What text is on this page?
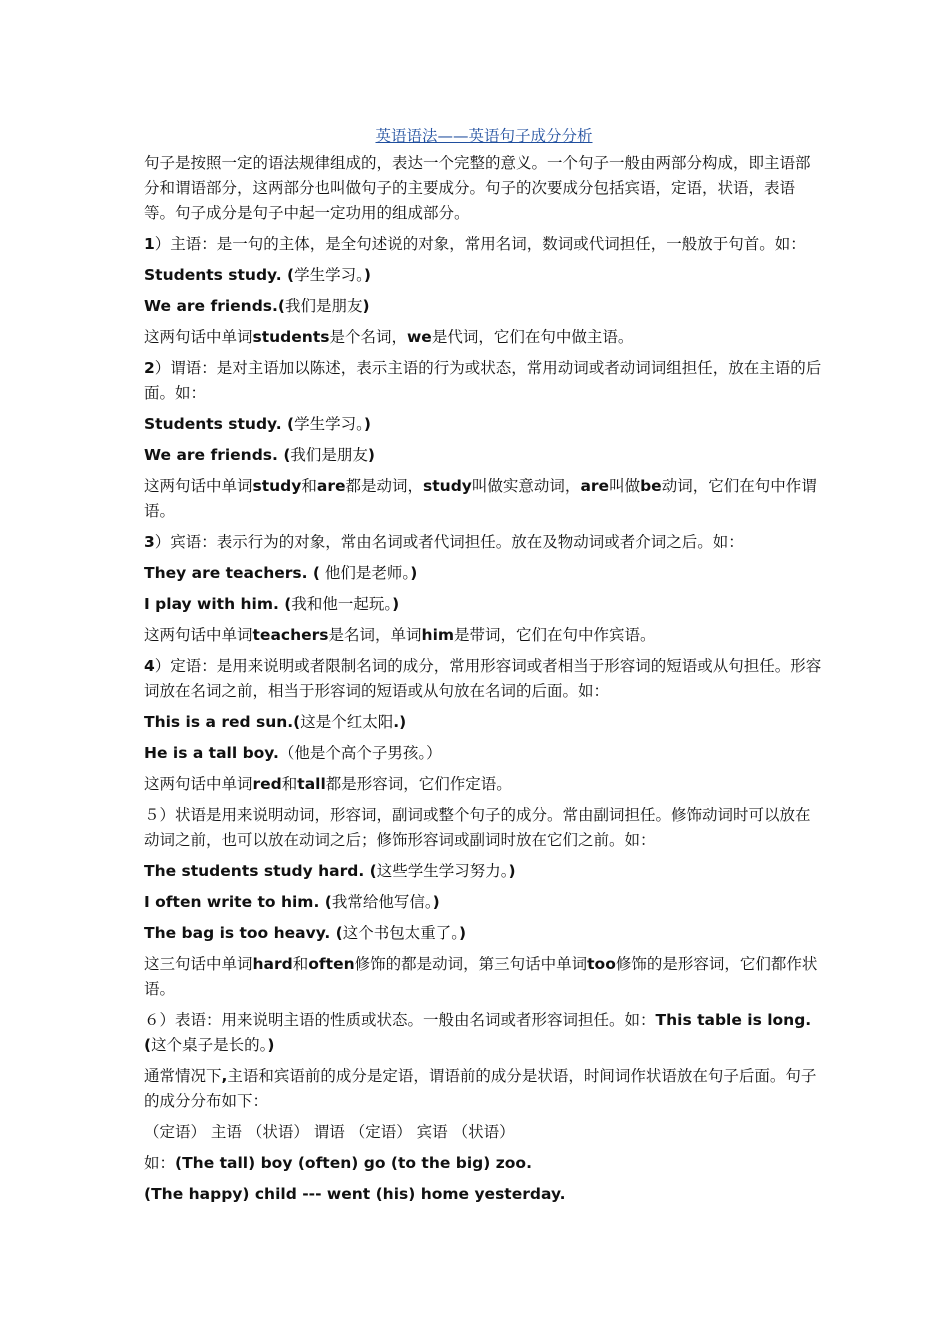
英语语法——英语句子成分分析

句子是按照一定的语法规律组成的，表达一个完整的意义。一个句子一般由两部分构成，即主语部分和谓语部分，这两部分也叫做句子的主要成分。句子的次要成分包括宾语，定语，状语，表语等。句子成分是句子中起一定功用的组成部分。

1）主语：是一句的主体，是全句述说的对象，常用名词，数词或代词担任，一般放于句首。如：

Students study. (学生学习。)

We are friends.(我们是朋友)

这两句话中单词students是个名词，we是代词，它们在句中做主语。

2）谓语：是对主语加以陈述，表示主语的行为或状态，常用动词或者动词词组担任，放在主语的后面。如：

Students study. (学生学习。)

We are friends. (我们是朋友)

这两句话中单词study和are都是动词，study叫做实意动词，are叫做be动词，它们在句中作谓语。

3）宾语：表示行为的对象，常由名词或者代词担任。放在及物动词或者介词之后。如：

They are teachers. ( 他们是老师。)

I play with him. (我和他一起玩。)

这两句话中单词teachers是名词，单词him是带词，它们在句中作宾语。

4）定语：是用来说明或者限制名词的成分，常用形容词或者相当于形容词的短语或从句担任。形容词放在名词之前，相当于形容词的短语或从句放在名词的后面。如：

This is a red sun.(这是个红太阳.)

He is a tall boy.（他是个高个子男孩。）

这两句话中单词red和tall都是形容词，它们作定语。

５）状语是用来说明动词，形容词，副词或整个句子的成分。常由副词担任。修饰动词时可以放在动词之前，也可以放在动词之后；修饰形容词或副词时放在它们之前。如：

The students study hard. (这些学生学习努力。)

I often write to him. (我常给他写信。)

The bag is too heavy. (这个书包太重了。)

这三句话中单词hard和often修饰的都是动词，第三句话中单词too修饰的是形容词，它们都作状语。

６）表语：用来说明主语的性质或状态。一般由名词或者形容词担任。如：This table is long. (这个桌子是长的。)

通常情况下,主语和宾语前的成分是定语，谓语前的成分是状语，时间词作状语放在句子后面。句子的成分分布如下：

（定语） 主语 （状语） 谓语 （定语） 宾语 （状语）

如：(The tall) boy (often) go (to the big) zoo.

(The happy) child --- went (his) home yesterday.
